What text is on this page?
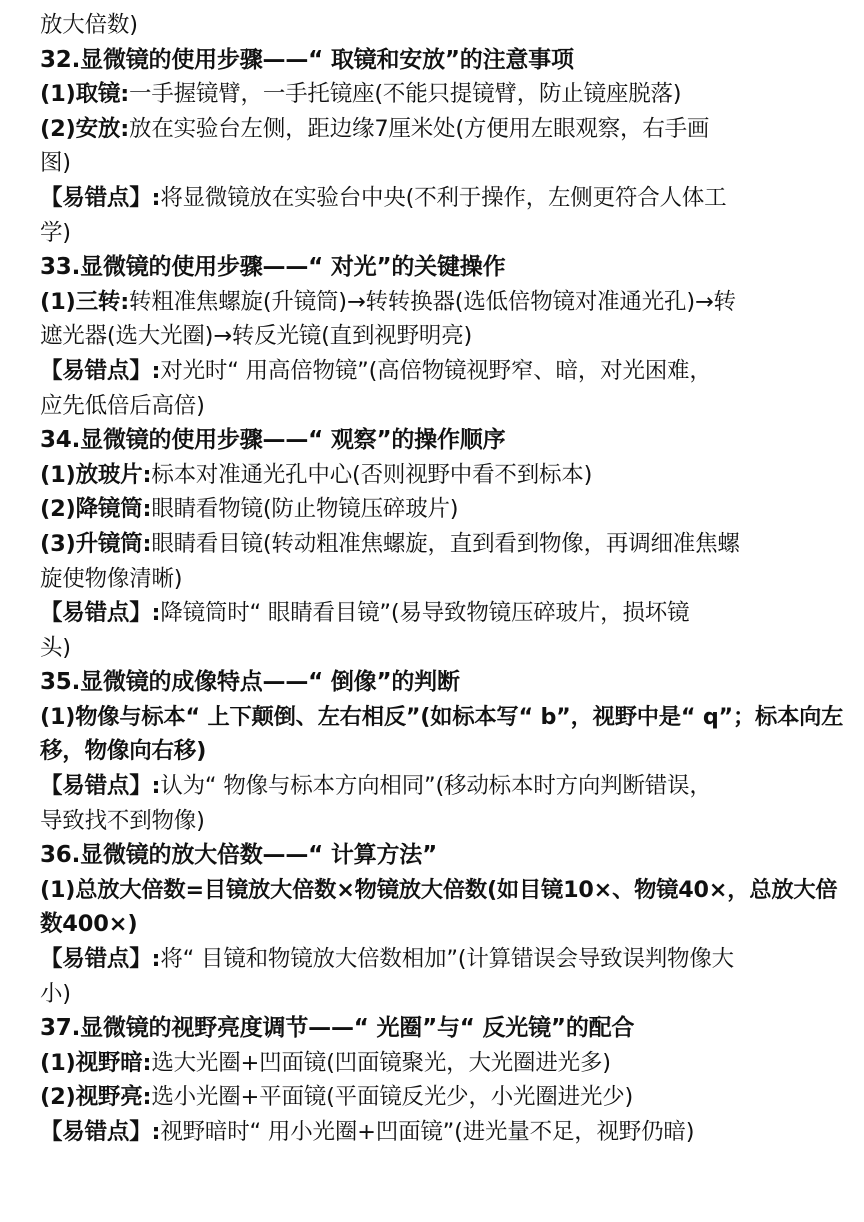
放大倍数)
32.显微镜的使用步骤——“ 取镜和安放”的注意事项
(1)取镜:一手握镜臂，一手托镜座(不能只提镜臂，防止镜座脱落)
(2)安放:放在实验台左侧，距边缘7厘米处(方便用左眼观察，右手画
图)
【易错点】:将显微镜放在实验台中央(不利于操作，左侧更符合人体工
学)
33.显微镜的使用步骤——“ 对光”的关键操作
(1)三转:转粗准焦螺旋(升镜筒)→转转换器(选低倍物镜对准通光孔)→转
遮光器(选大光圈)→转反光镜(直到视野明亮)
【易错点】:对光时“ 用高倍物镜”(高倍物镜视野窄、暗，对光困难，
应先低倍后高倍)
34.显微镜的使用步骤——“ 观察”的操作顺序
(1)放玻片:标本对准通光孔中心(否则视野中看不到标本)
(2)降镜筒:眼睛看物镜(防止物镜压碎玻片)
(3)升镜筒:眼睛看目镜(转动粗准焦螺旋，直到看到物像，再调细准焦螺
旋使物像清晰)
【易错点】:降镜筒时“ 眼睛看目镜”(易导致物镜压碎玻片，损坏镜
头)
35.显微镜的成像特点——“ 倒像”的判断
(1)物像与标本“ 上下颠倒、左右相反”(如标本写“ b”，视野中是“ q”；标本向左
移，物像向右移)
【易错点】:认为“ 物像与标本方向相同”(移动标本时方向判断错误，
导致找不到物像)
36.显微镜的放大倍数——“ 计算方法”
(1)总放大倍数=目镜放大倍数×物镜放大倍数(如目镜10×、物镜40×，总放大倍
数400×)
【易错点】:将“ 目镜和物镜放大倍数相加”(计算错误会导致误判物像大
小)
37.显微镜的视野亮度调节——“ 光圈”与“ 反光镜”的配合
(1)视野暗:选大光圈+凹面镜(凹面镜聚光，大光圈进光多)
(2)视野亮:选小光圈+平面镜(平面镜反光少，小光圈进光少)
【易错点】:视野暗时“ 用小光圈+凹面镜”(进光量不足，视野仍暗)
